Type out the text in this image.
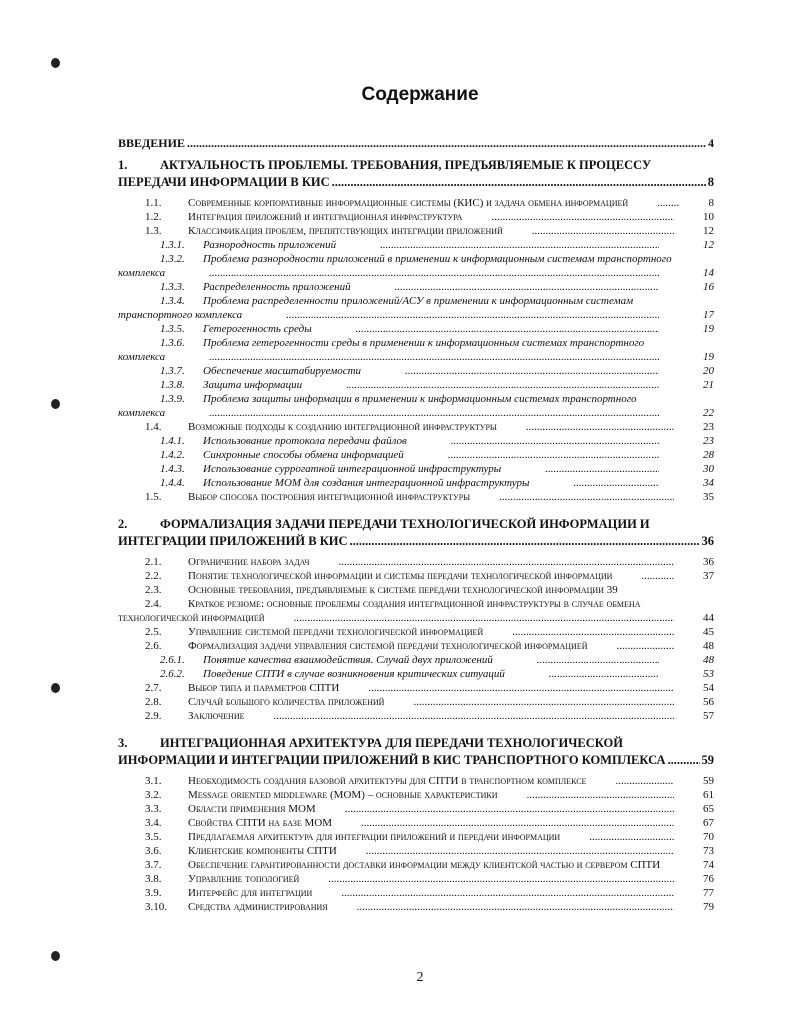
Содержание
ВВЕДЕНИЕ .....	4
1.	АКТУАЛЬНОСТЬ ПРОБЛЕМЫ. ТРЕБОВАНИЯ, ПРЕДЪЯВЛЯЕМЫЕ К ПРОЦЕССУ ПЕРЕДАЧИ ИНФОРМАЦИИ В КИС .....	8
1.1. Современные корпоративные информационные системы (КИС) и задача обмена информацией .....	8
1.2. Интеграция приложений и интеграционная инфраструктура .....	10
1.3. Классификация проблем, препятствующих интеграции приложений .....	12
1.3.1. Разнородность приложений .....	12
1.3.2. Проблема разнородности приложений в применении к информационным системам транспортного комплекса .....	14
1.3.3. Распределенность приложений .....	16
1.3.4. Проблема распределенности приложений/АСУ в применении к информационным системам транспортного комплекса .....	17
1.3.5. Гетерогенность среды .....	19
1.3.6. Проблема гетерогенности среды в применении к информационным системах транспортного комплекса .....	19
1.3.7. Обеспечение масштабируемости .....	20
1.3.8. Защита информации .....	21
1.3.9. Проблема защиты информации в применении к информационным системах транспортного комплекса .....	22
1.4. Возможные подходы к созданию интеграционной инфраструктуры .....	23
1.4.1. Использование протокола передачи файлов .....	23
1.4.2. Синхронные способы обмена информацией .....	28
1.4.3. Использование суррогатной интеграционной инфраструктуры .....	30
1.4.4. Использование МОМ для создания интеграционной инфраструктуры .....	34
1.5. Выбор способа построения интеграционной инфраструктуры .....	35
2.	ФОРМАЛИЗАЦИЯ ЗАДАЧИ ПЕРЕДАЧИ ТЕХНОЛОГИЧЕСКОЙ ИНФОРМАЦИИ И ИНТЕГРАЦИИ ПРИЛОЖЕНИЙ В КИС .....	36
2.1. Ограничение набора задач .....	36
2.2. Понятие технологической информации и системы передачи технологической информации .....	37
2.3. Основные требования, предъявляемые к системе передачи технологической информации 39
2.4. Краткое резюме: основные проблемы создания интеграционной инфраструктуры в случае обмена технологической информацией .....	44
2.5. Управление системой передачи технологической информацией .....	45
2.6. Формализация задачи управления системой передачи технологической информацией .....	48
2.6.1. Понятие качества взаимодействия. Случай двух приложений .....	48
2.6.2. Поведение СПТИ в случае возникновения критических ситуаций .....	53
2.7. Выбор типа и параметров СПТИ .....	54
2.8. Случай большого количества приложений .....	56
2.9. Заключение .....	57
3.	ИНТЕГРАЦИОННАЯ АРХИТЕКТУРА ДЛЯ ПЕРЕДАЧИ ТЕХНОЛОГИЧЕСКОЙ ИНФОРМАЦИИ И ИНТЕГРАЦИИ ПРИЛОЖЕНИЙ В КИС ТРАНСПОРТНОГО КОМПЛЕКСА .....	59
3.1. Необходимость создания базовой архитектуры для СПТИ в транспортном комплексе .....	59
3.2. Message oriented middleware (МОМ) – основные характеристики .....	61
3.3. Области применения МОМ .....	65
3.4. Свойства СПТИ на базе МОМ .....	67
3.5. Предлагаемая архитектура для интеграции приложений и передачи информации .....	70
3.6. Клиентские компоненты СПТИ .....	73
3.7. Обеспечение гарантированности доставки информации между клиентской частью и сервером СПТИ .....	74
3.8. Управление топологией .....	76
3.9. Интерфейс для интеграции .....	77
3.10. Средства администрирования .....	79
2
